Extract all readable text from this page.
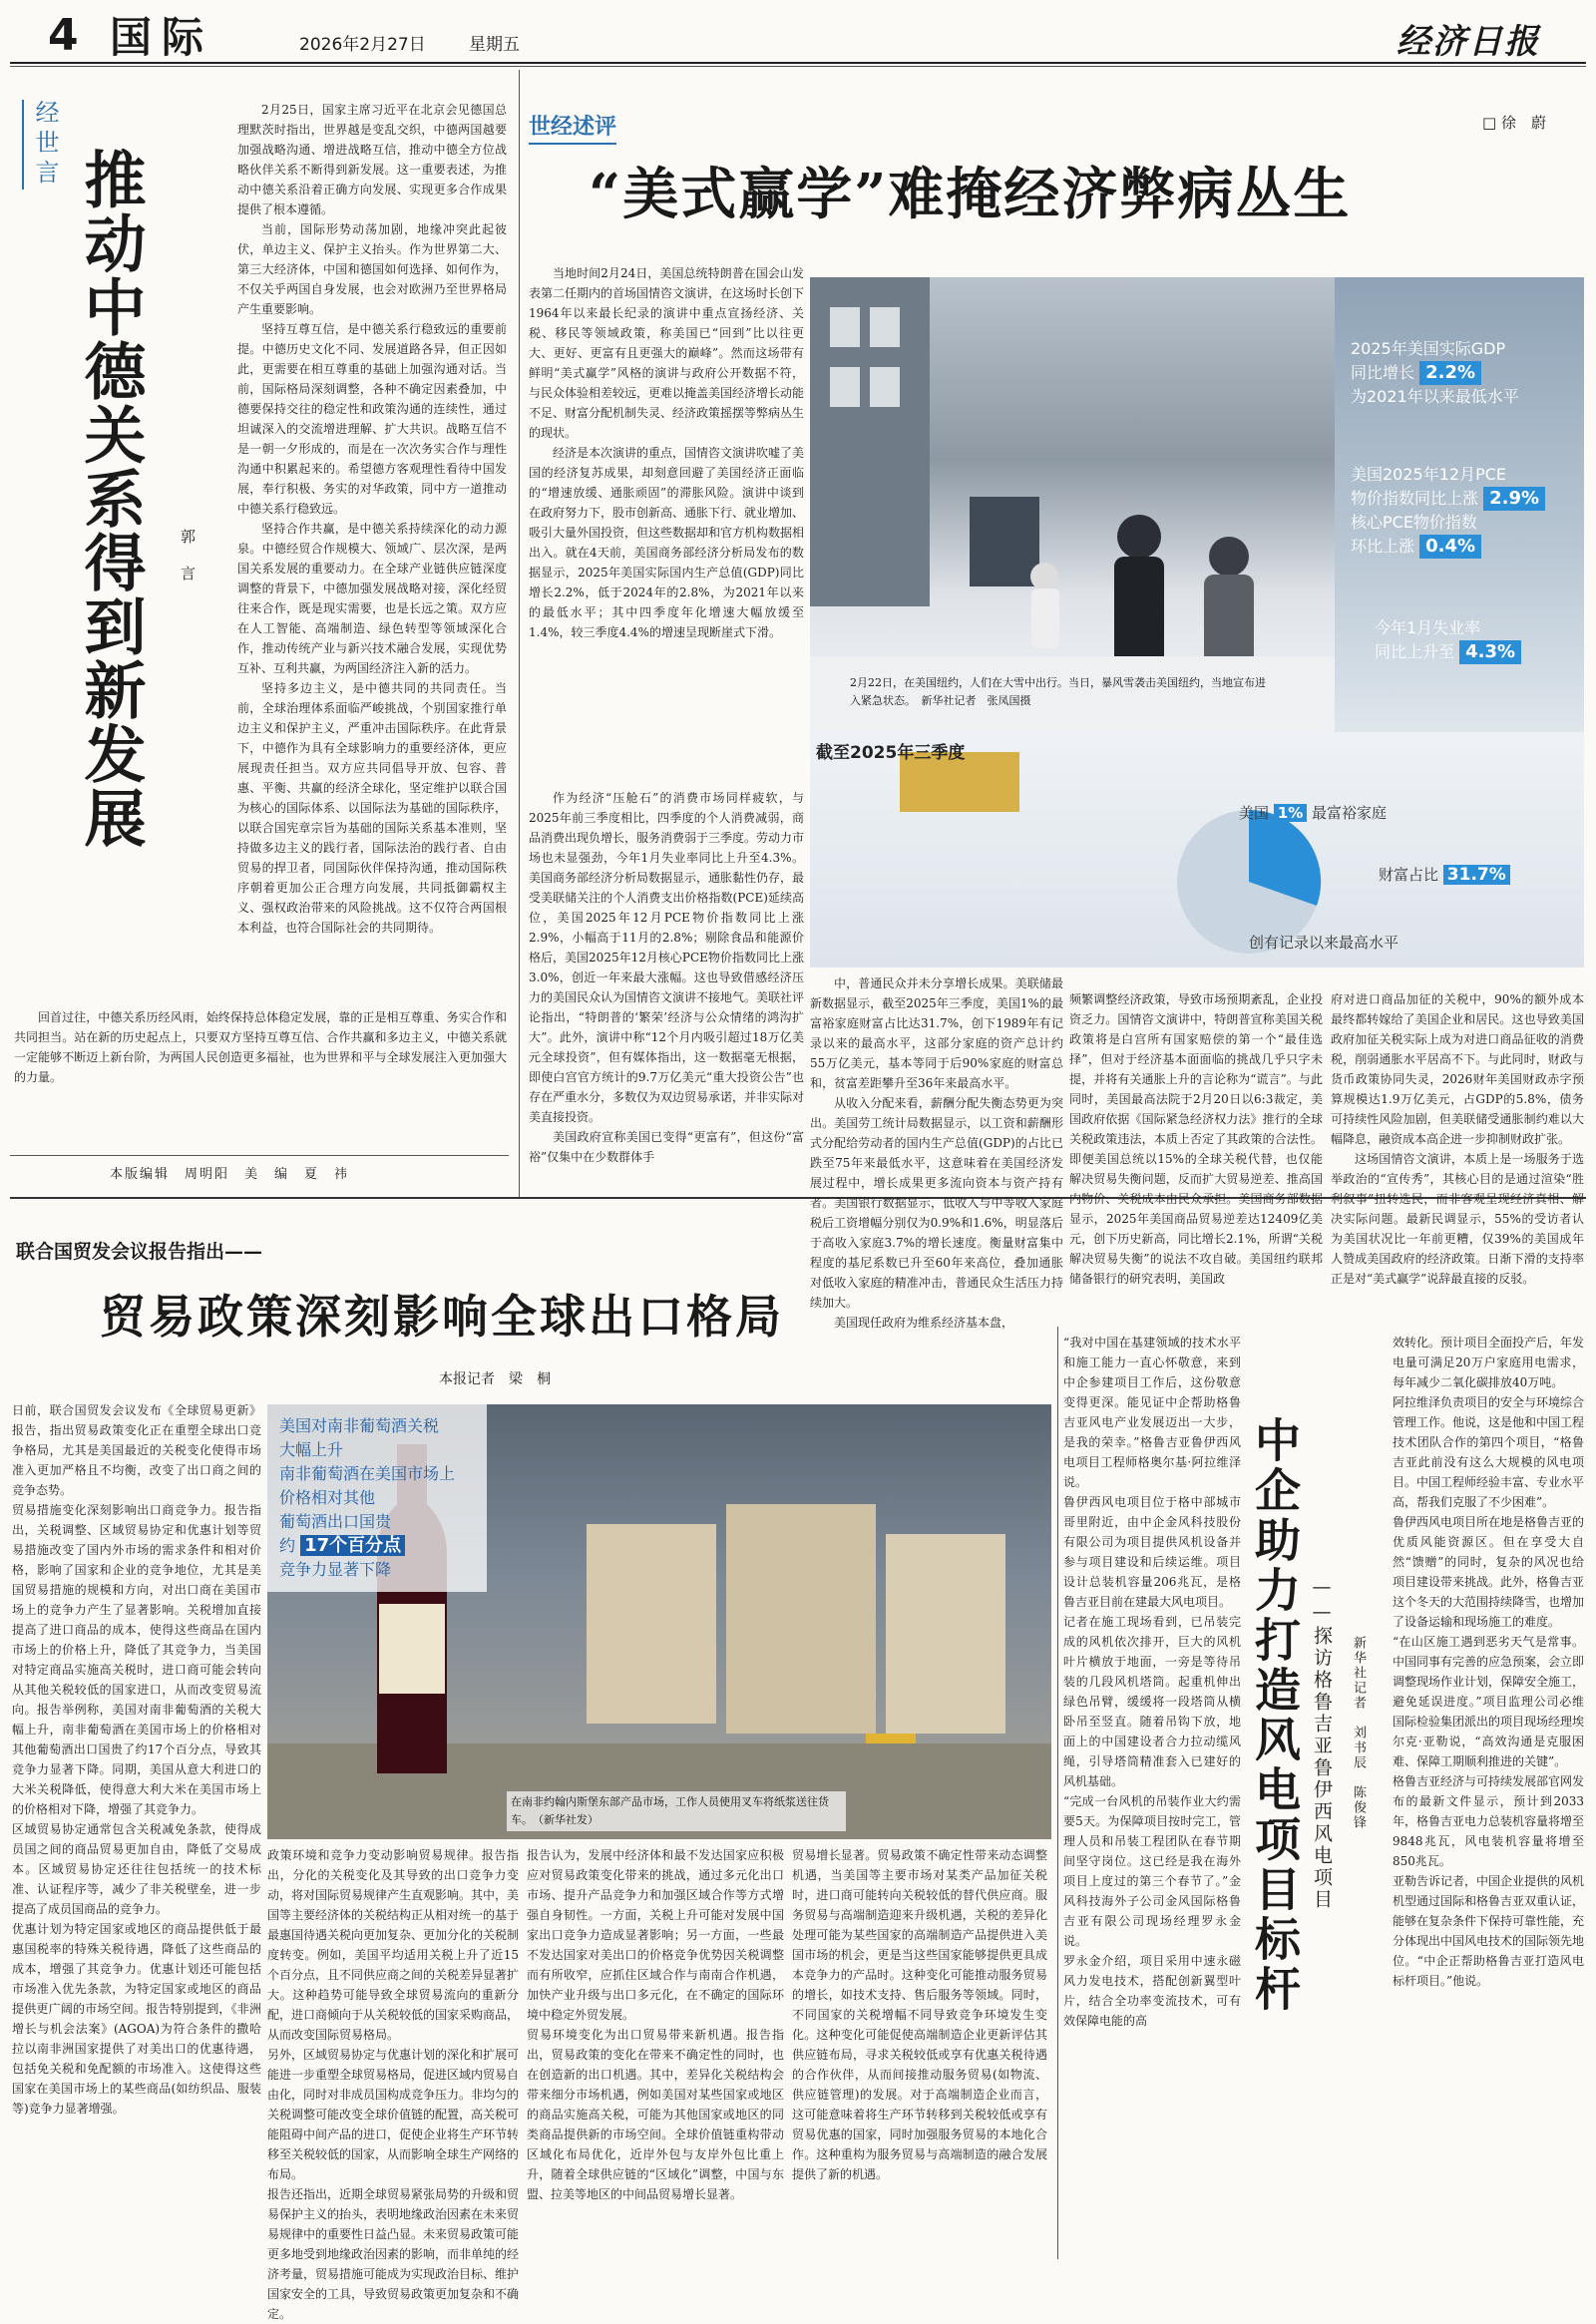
4 国际	2026年2月27日	星期五	经济日报
经世言
推动中德关系得到新发展 郭言

2月25日，国家主席习近平在北京会见德国总理默茨时指出，世界越是变乱交织，中德两国越要加强战略沟通、增进战略互信，推动中德全方位战略伙伴关系不断得到新发展。这一重要表述，为推动中德关系沿着正确方向发展、实现更多合作成果提供了根本遵循。

当前，国际形势动荡加剧，地缘冲突此起彼伏，单边主义、保护主义抬头。作为世界第二大、第三大经济体，中国和德国如何选择、如何作为，不仅关乎两国自身发展，也会对欧洲乃至世界格局产生重要影响。

坚持互尊互信，是中德关系行稳致远的重要前提。中德历史文化不同、发展道路各异，但正因如此，更需要在相互尊重的基础上加强沟通对话。当前，国际格局深刻调整，各种不确定因素叠加，中德要保持交往的稳定性和政策沟通的连续性，通过坦诚深入的交流增进理解、扩大共识。战略互信不是一朝一夕形成的，而是在一次次务实合作与理性沟通中积累起来的。希望德方客观理性看待中国发展，奉行积极、务实的对华政策，同中方一道推动中德关系行稳致远。

坚持合作共赢，是中德关系持续深化的动力源泉。中德经贸合作规模大、领域广、层次深，是两国关系发展的重要动力。在全球产业链供应链深度调整的背景下，中德加强发展战略对接，深化经贸往来合作，既是现实需要，也是长远之策。双方应在人工智能、高端制造、绿色转型等领域深化合作，推动传统产业与新兴技术融合发展，实现优势互补、互利共赢，为两国经济注入新的活力。

坚持多边主义，是中德共同的共同责任。当前，全球治理体系面临严峻挑战，个别国家推行单边主义和保护主义，严重冲击国际秩序。在此背景下，中德作为具有全球影响力的重要经济体，更应展现责任担当。双方应共同倡导开放、包容、普惠、平衡、共赢的经济全球化，坚定维护以联合国为核心的国际体系、以国际法为基础的国际秩序，以联合国宪章宗旨为基础的国际关系基本准则，坚持做多边主义的践行者，国际法治的践行者、自由贸易的捍卫者，同国际伙伴保持沟通，推动国际秩序朝着更加公正合理方向发展，共同抵御霸权主义、强权政治带来的风险挑战。这不仅符合两国根本利益，也符合国际社会的共同期待。

回首过往，中德关系历经风雨，始终保持总体稳定发展，靠的正是相互尊重、务实合作和共同担当。站在新的历史起点上，只要双方坚持互尊互信、合作共赢和多边主义，中德关系就一定能够不断迈上新台阶，为两国人民创造更多福祉，也为世界和平与全球发展注入更加强大的力量。
本版编辑　周明阳　美　编　夏　祎
世经述评	□ 徐　蔚
“美式赢学”难掩经济弊病丛生

当地时间2月24日，美国总统特朗普在国会山发表第二任期内的首场国情咨文演讲，在这场时长创下1964年以来最长纪录的演讲中重点宣扬经济、关税、移民等领域政策，称美国已“回到”比以往更大、更好、更富有且更强大的巅峰”。然而这场带有鲜明“美式赢学”风格的演讲与政府公开数据不符，与民众体验相差较远，更难以掩盖美国经济增长动能不足、财富分配机制失灵、经济政策摇摆等弊病丛生的现状。

经济是本次演讲的重点，国情咨文演讲吹嘘了美国的经济复苏成果，却刻意回避了美国经济正面临的“增速放缓、通胀顽固”的滞胀风险。演讲中谈到在政府努力下，股市创新高、通胀下行、就业增加、吸引大量外国投资，但这些数据却和官方机构数据相出入。就在4天前，美国商务部经济分析局发布的数据显示，2025年美国实际国内生产总值(GDP)同比增长2.2%，低于2024年的2.8%，为2021年以来的最低水平；其中四季度年化增速大幅放缓至1.4%，较三季度4.4%的增速呈现断崖式下滑。

作为经济“压舱石”的消费市场同样疲软，与2025年前三季度相比，四季度的个人消费减弱，商品消费出现负增长，服务消费弱于三季度。劳动力市场也未显强劲，今年1月失业率同比上升至4.3%。美国商务部经济分析局数据显示，通胀黏性仍存，最受美联储关注的个人消费支出价格指数(PCE)延续高位，美国2025年12月PCE物价指数同比上涨2.9%，小幅高于11月的2.8%；剔除食品和能源价格后，美国2025年12月核心PCE物价指数同比上涨3.0%，创近一年来最大涨幅。这也导致借感经济压力的美国民众认为国情咨文演讲不接地气。美联社评论指出，“特朗普的‘繁荣’经济与公众情绪的鸿沟扩大”。此外，演讲中称“12个月内吸引超过18万亿美元全球投资”，但有媒体指出，这一数据毫无根据，即使白宫官方统计的9.7万亿美元“重大投资公告”也存在严重水分，多数仅为双边贸易承诺，并非实际对美直接投资。

美国政府宣称美国已变得“更富有”，但这份“富裕”仅集中在少数群体手

2月22日，在美国纽约，人们在大雪中出行。当日，暴风雪袭击美国纽约，当地宣布进入紧急状态。　新华社记者　张凤国摄
2025年美国实际GDP
同比增长 2.2%
为2021年以来最低水平
美国2025年12月PCE
物价指数同比上涨 2.9%
核心PCE物价指数
环比上涨 0.4%
今年1月失业率
同比上升至 4.3%
截至2025年三季度
美国 1% 最富裕家庭
财富占比 31.7%
创有记录以来最高水平

中，普通民众并未分享增长成果。美联储最新数据显示，截至2025年三季度，美国1%的最富裕家庭财富占比达31.7%，创下1989年有记录以来的最高水平，这部分家庭的资产总计约55万亿美元，基本等同于后90%家庭的财富总和，贫富差距攀升至36年来最高水平。

从收入分配来看，薪酬分配失衡态势更为突出。美国劳工统计局数据显示，以工资和薪酬形式分配给劳动者的国内生产总值(GDP)的占比已跌至75年来最低水平，这意味着在美国经济发展过程中，增长成果更多流向资本与资产持有者。美国银行数据显示，低收入与中等收入家庭税后工资增幅分别仅为0.9%和1.6%，明显落后于高收入家庭3.7%的增长速度。衡量财富集中程度的基尼系数已升至60年来高位，叠加通胀对低收入家庭的精准冲击，普通民众生活压力持续加大。

美国现任政府为维系经济基本盘，

频繁调整经济政策，导致市场预期紊乱，企业投资乏力。国情咨文演讲中，特朗普宣称美国关税政策将是白宫所有国家赔偿的第一个“最佳选择”，但对于经济基本面面临的挑战几乎只字未提，并将有关通胀上升的言论称为“谎言”。与此同时，美国最高法院于2月20日以6:3裁定，美国政府依据《国际紧急经济权力法》推行的全球关税政策违法，本质上否定了其政策的合法性。即便美国总统以15%的全球关税代替，也仅能解决贸易失衡问题，反而扩大贸易逆差、推高国内物价、关税成本由民众承担。美国商务部数据显示，2025年美国商品贸易逆差达12409亿美元，创下历史新高，同比增长2.1%，所谓“关税解决贸易失衡”的说法不攻自破。美国纽约联邦储备银行的研究表明，美国政

府对进口商品加征的关税中，90%的额外成本最终都转嫁给了美国企业和居民。这也导致美国政府加征关税实际上成为对进口商品征收的消费税，削弱通胀水平居高不下。与此同时，财政与货币政策协同失灵，2026财年美国财政赤字预算规模达1.9万亿美元，占GDP的5.8%，债务可持续性风险加剧，但美联储受通胀制约难以大幅降息，融资成本高企进一步抑制财政扩张。

这场国情咨文演讲，本质上是一场服务于选举政治的“宣传秀”，其核心目的是通过渲染“胜利叙事”扭转选民，而非客观呈现经济真相、解决实际问题。最新民调显示，55%的受访者认为美国状况比一年前更糟，仅39%的美国成年人赞成美国政府的经济政策。日渐下滑的支持率正是对“美式赢学”说辞最直接的反驳。

联合国贸发会议报告指出——
贸易政策深刻影响全球出口格局
本报记者　梁　桐
美国对南非葡萄酒关税
大幅上升
南非葡萄酒在美国市场上
价格相对其他
葡萄酒出口国贵
约 17个百分点
竞争力显著下降
在南非约翰内斯堡东部产品市场，工作人员使用叉车将纸浆送往货车。　（新华社发）
日前，联合国贸发会议发布《全球贸易更新》报告，指出贸易政策变化正在重塑全球出口竞争格局，尤其是美国最近的关税变化使得市场准入更加严格且不均衡，改变了出口商之间的竞争态势。
贸易措施变化深刻影响出口商竞争力。报告指出，关税调整、区域贸易协定和优惠计划等贸易措施改变了国内外市场的需求条件和相对价格，影响了国家和企业的竞争地位，尤其是美国贸易措施的规模和方向，对出口商在美国市场上的竞争力产生了显著影响。关税增加直接提高了进口商品的成本，使得这些商品在国内市场上的价格上升，降低了其竞争力，当美国对特定商品实施高关税时，进口商可能会转向从其他关税较低的国家进口，从而改变贸易流向。报告举例称，美国对南非葡萄酒的关税大幅上升，南非葡萄酒在美国市场上的价格相对其他葡萄酒出口国贵了约17个百分点，导致其竞争力显著下降。同期，美国从意大利进口的大米关税降低，使得意大利大米在美国市场上的价格相对下降，增强了其竞争力。
区域贸易协定通常包含关税减免条款，使得成员国之间的商品贸易更加自由，降低了交易成本。区域贸易协定还往往包括统一的技术标准、认证程序等，减少了非关税壁垒，进一步提高了成员国商品的竞争力。
优惠计划为特定国家或地区的商品提供低于最惠国税率的特殊关税待遇，降低了这些商品的成本，增强了其竞争力。优惠计划还可能包括市场准入优先条款，为特定国家或地区的商品提供更广阔的市场空间。报告特别提到，《非洲增长与机会法案》(AGOA)为符合条件的撒哈拉以南非洲国家提供了对美出口的优惠待遇，包括免关税和免配额的市场准入。这使得这些国家在美国市场上的某些商品(如纺织品、服装等)竞争力显著增强。
政策环境和竞争力变动影响贸易规律。报告指出，分化的关税变化及其导致的出口竞争力变动，将对国际贸易规律产生直观影响。其中，美国等主要经济体的关税结构正从相对统一的基于最惠国待遇关税向更加复杂、更加分化的关税制度转变。例如，美国平均适用关税上升了近15个百分点，且不同供应商之间的关税差异显著扩大。这种趋势可能导致全球贸易流向的重新分配，进口商倾向于从关税较低的国家采购商品，从而改变国际贸易格局。
另外，区域贸易协定与优惠计划的深化和扩展可能进一步重塑全球贸易格局，促进区域内贸易自由化，同时对非成员国构成竞争压力。非均匀的关税调整可能改变全球价值链的配置，高关税可能阻碍中间产品的进口，促使企业将生产环节转移至关税较低的国家，从而影响全球生产网络的布局。
报告还指出，近期全球贸易紧张局势的升级和贸易保护主义的抬头，表明地缘政治因素在未来贸易规律中的重要性日益凸显。未来贸易政策可能更多地受到地缘政治因素的影响，而非单纯的经济考量，贸易措施可能成为实现政治目标、维护国家安全的工具，导致贸易政策更加复杂和不确定。
报告认为，发展中经济体和最不发达国家应积极应对贸易政策变化带来的挑战，通过多元化出口市场、提升产品竞争力和加强区域合作等方式增强自身韧性。一方面，关税上升可能对发展中国家出口竞争力造成显著影响；另一方面，一些最不发达国家对美出口的价格竞争优势因关税调整而有所收窄，应抓住区域合作与南南合作机遇，加快产业升级与出口多元化，在不确定的国际环境中稳定外贸发展。
贸易环境变化为出口贸易带来新机遇。报告指出，贸易政策的变化在带来不确定性的同时，也在创造新的出口机遇。其中，差异化关税结构会带来细分市场机遇，例如美国对某些国家或地区的商品实施高关税，可能为其他国家或地区的同类商品提供新的市场空间。全球价值链重构带动区域化布局优化，近岸外包与友岸外包比重上升，随着全球供应链的“区域化”调整，中国与东盟、拉美等地区的中间品贸易增长显著。
贸易增长显著。贸易政策不确定性带来动态调整机遇，当美国等主要市场对某类产品加征关税时，进口商可能转向关税较低的替代供应商。服务贸易与高端制造迎来升级机遇，关税的差异化处理可能为某些国家的高端制造产品提供进入美国市场的机会，更是当这些国家能够提供更具成本竞争力的产品时。这种变化可能推动服务贸易的增长，如技术支持、售后服务等领域。同时，不同国家的关税增幅不同导致竞争环境发生变化。这种变化可能促使高端制造企业更新评估其供应链布局，寻求关税较低或享有优惠关税待遇的合作伙伴，从而间接推动服务贸易(如物流、供应链管理)的发展。对于高端制造企业而言，这可能意味着将生产环节转移到关税较低或享有贸易优惠的国家，同时加强服务贸易的本地化合作。这种重构为服务贸易与高端制造的融合发展提供了新的机遇。
“我对中国在基建领域的技术水平和施工能力一直心怀敬意，来到中企参建项目工作后，这份敬意变得更深。能见证中企帮助格鲁吉亚风电产业发展迈出一大步，是我的荣幸。”格鲁吉亚鲁伊西风电项目工程师格奥尔基·阿拉维泽说。
鲁伊西风电项目位于格中部城市哥里附近，由中企金风科技股份有限公司为项目提供风机设备并参与项目建设和后续运维。项目设计总装机容量206兆瓦，是格鲁吉亚目前在建最大风电项目。
记者在施工现场看到，已吊装完成的风机依次排开，巨大的风机叶片横放于地面，一旁是等待吊装的几段风机塔筒。起重机伸出绿色吊臂，缓缓将一段塔筒从横卧吊至竖直。随着吊钩下放，地面上的中国建设者合力拉动缆风绳，引导塔筒精准套入已建好的风机基础。
“完成一台风机的吊装作业大约需要5天。为保障项目按时完工，管理人员和吊装工程团队在春节期间坚守岗位。这已经是我在海外项目上度过的第三个春节了。”金风科技海外子公司金风国际格鲁吉亚有限公司现场经理罗永金说。
罗永金介绍，项目采用中速永磁风力发电技术，搭配创新翼型叶片，结合全功率变流技术，可有效保障电能的高
中企助力打造风电项目标杆 ——探访格鲁吉亚鲁伊西风电项目 新华社记者　刘书辰　陈俊锋
效转化。预计项目全面投产后，年发电量可满足20万户家庭用电需求，每年减少二氧化碳排放40万吨。
阿拉维泽负责项目的安全与环境综合管理工作。他说，这是他和中国工程技术团队合作的第四个项目，“格鲁吉亚此前没有这么大规模的风电项目。中国工程师经验丰富、专业水平高，帮我们克服了不少困难”。
鲁伊西风电项目所在地是格鲁吉亚的优质风能资源区。但在享受大自然“馈赠”的同时，复杂的风况也给项目建设带来挑战。此外，格鲁吉亚这个冬天的大范围持续降雪，也增加了设备运输和现场施工的难度。
“在山区施工遇到恶劣天气是常事。中国同事有完善的应急预案，会立即调整现场作业计划，保障安全施工，避免延误进度。”项目监理公司必维国际检验集团派出的项目现场经理埃尔克·亚勒说，“高效沟通是克服困难、保障工期顺利推进的关键”。
格鲁吉亚经济与可持续发展部官网发布的最新文件显示，预计到2033年，格鲁吉亚电力总装机容量将增至9848兆瓦，风电装机容量将增至850兆瓦。
亚勒告诉记者，中国企业提供的风机机型通过国际和格鲁吉亚双重认证，能够在复杂条件下保持可靠性能，充分体现出中国风电技术的国际领先地位。“中企正帮助格鲁吉亚打造风电标杆项目。”他说。
